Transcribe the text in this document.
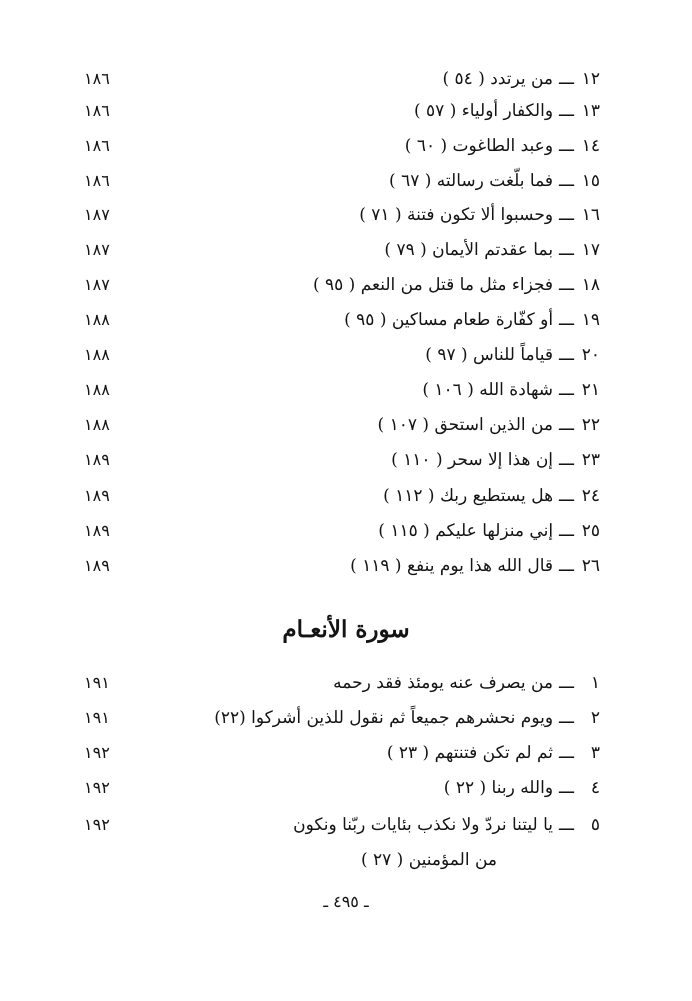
١٢
ـــ
من يرتدد ( ٥٤ )
١٨٦
١٣
ـــ
والكفار أولياء ( ٥٧ )
١٨٦
١٤
ـــ
وعبد الطاغوت ( ٦٠ )
١٨٦
١٥
ـــ
فما بلّغت رسالته ( ٦٧ )
١٨٦
١٦
ـــ
وحسبوا ألا تكون فتنة ( ٧١ )
١٨٧
١٧
ـــ
بما عقدتم الأيمان ( ٧٩ )
١٨٧
١٨
ـــ
فجزاء مثل ما قتل من النعم ( ٩٥ )
١٨٧
١٩
ـــ
أو كفّارة طعام مساكين ( ٩٥ )
١٨٨
٢٠
ـــ
قياماً للناس ( ٩٧ )
١٨٨
٢١
ـــ
شهادة الله ( ١٠٦ )
١٨٨
٢٢
ـــ
من الذين استحق ( ١٠٧ )
١٨٨
٢٣
ـــ
إن هذا إلا سحر ( ١١٠ )
١٨٩
٢٤
ـــ
هل يستطيع ربك ( ١١٢ )
١٨٩
٢٥
ـــ
إني منزلها عليكم ( ١١٥ )
١٨٩
٢٦
ـــ
قال الله هذا يوم ينفع ( ١١٩ )
١٨٩
سورة الأنعـام
١
ـــ
من يصرف عنه يومئذ فقد رحمه
١٩١
٢
ـــ
ويوم نحشرهم جميعاً ثم نقول للذين أشركوا (٢٢)
١٩١
٣
ـــ
ثم لم تكن فتنتهم ( ٢٣ )
١٩٢
٤
ـــ
والله ربنا ( ٢٢ )
١٩٢
٥
ـــ
يا ليتنا نردّ ولا نكذب بئايات ربّنا ونكون
١٩٢
من المؤمنين ( ٢٧ )
ـ ٤٩٥ ـ
